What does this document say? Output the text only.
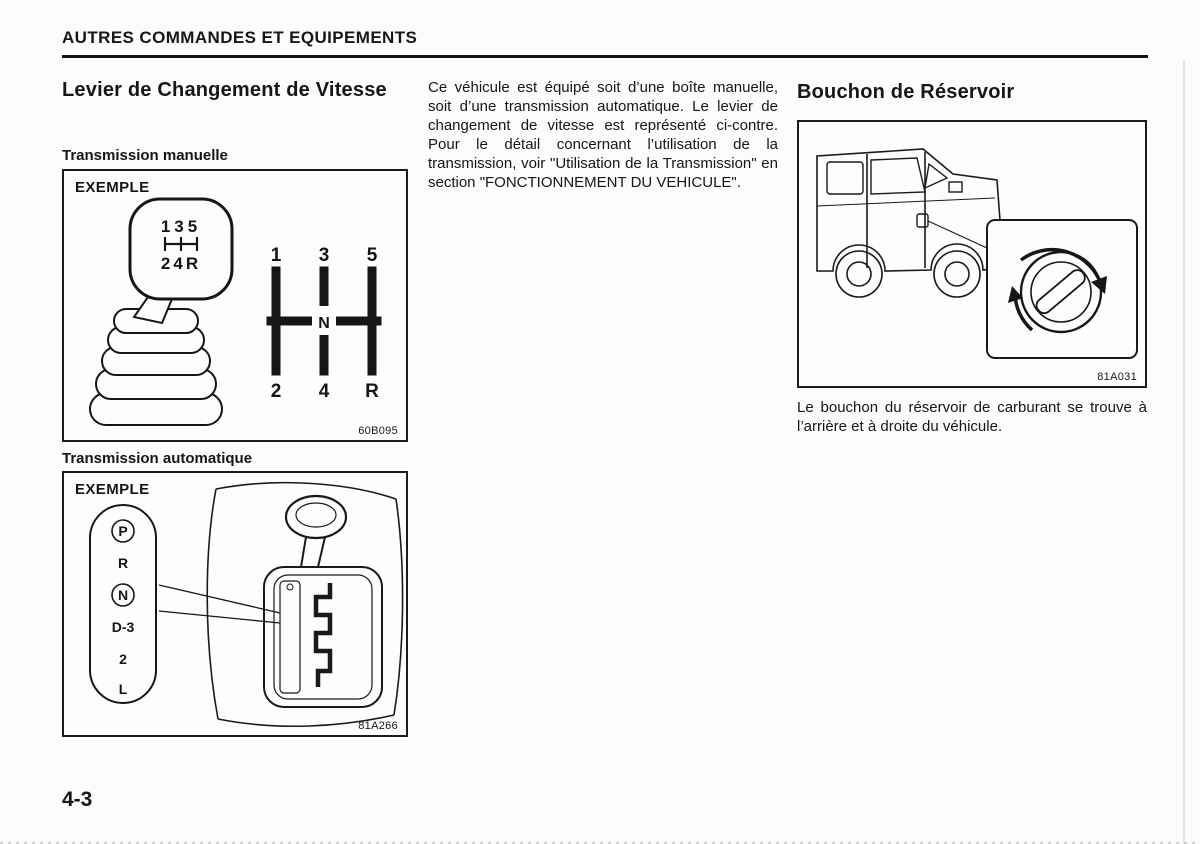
AUTRES COMMANDES ET EQUIPEMENTS
Levier de Changement de Vitesse
Transmission manuelle
135
24R
N
1 3 5
2 4 R
EXEMPLE
60B095
Transmission automatique
P
R
N
D-3
2
L
EXEMPLE
81A266

Ce véhicule est équipé soit d’une boîte manuelle, soit d’une transmission automatique. Le levier de changement de vitesse est représenté ci-contre. Pour le détail concernant l’utilisation de la transmission, voir "Utilisation de la Transmission" en section "FONCTIONNEMENT DU VEHICULE".

Bouchon de Réservoir
81A031

Le bouchon du réservoir de carburant se trouve à l’arrière et à droite du véhicule.

4-3
